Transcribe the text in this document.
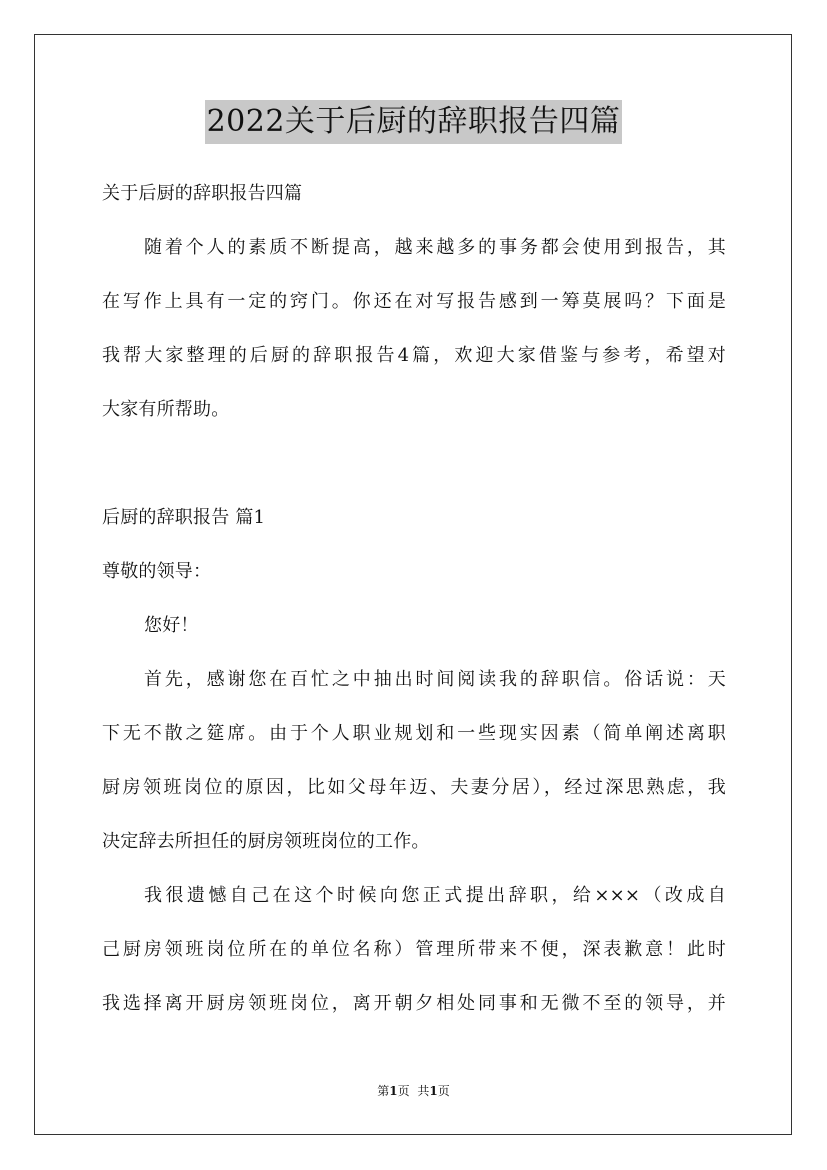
2022关于后厨的辞职报告四篇
关于后厨的辞职报告四篇
随着个人的素质不断提高，越来越多的事务都会使用到报告，其
在写作上具有一定的窍门。你还在对写报告感到一筹莫展吗？下面是
我帮大家整理的后厨的辞职报告4篇，欢迎大家借鉴与参考，希望对
大家有所帮助。
后厨的辞职报告 篇1
尊敬的领导：
您好！
首先，感谢您在百忙之中抽出时间阅读我的辞职信。俗话说：天
下无不散之筵席。由于个人职业规划和一些现实因素（简单阐述离职
厨房领班岗位的原因，比如父母年迈、夫妻分居），经过深思熟虑，我
决定辞去所担任的厨房领班岗位的工作。
我很遗憾自己在这个时候向您正式提出辞职，给×××（改成自
己厨房领班岗位所在的单位名称）管理所带来不便，深表歉意！此时
我选择离开厨房领班岗位，离开朝夕相处同事和无微不至的领导，并
第1页 共1页
